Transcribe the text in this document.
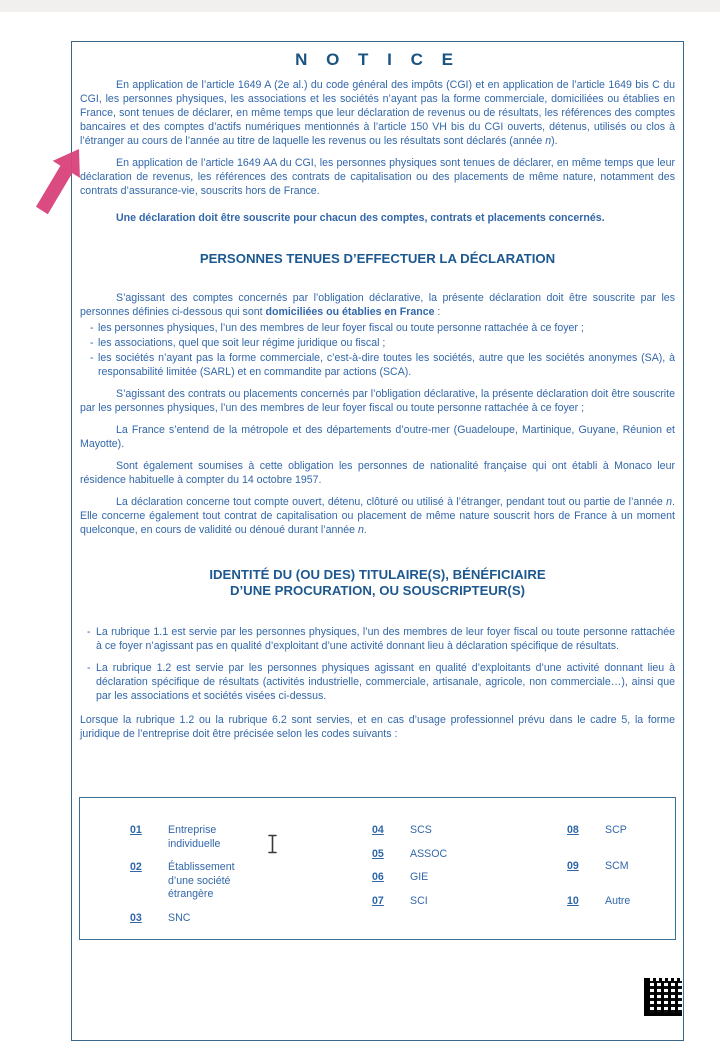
N O T I C E

En application de l’article 1649 A (2e al.) du code général des impôts (CGI) et en application de l’article 1649 bis C du CGI, les personnes physiques, les associations et les sociétés n’ayant pas la forme commerciale, domiciliées ou établies en France, sont tenues de déclarer, en même temps que leur déclaration de revenus ou de résultats, les références des comptes bancaires et des comptes d’actifs numériques mentionnés à l’article 150 VH bis du CGI ouverts, détenus, utilisés ou clos à l’étranger au cours de l’année au titre de laquelle les revenus ou les résultats sont déclarés (année n).

En application de l’article 1649 AA du CGI, les personnes physiques sont tenues de déclarer, en même temps que leur déclaration de revenus, les références des contrats de capitalisation ou des placements de même nature, notamment des contrats d’assurance-vie, souscrits hors de France.

Une déclaration doit être souscrite pour chacun des comptes, contrats et placements concernés.

PERSONNES TENUES D’EFFECTUER LA DÉCLARATION

S’agissant des comptes concernés par l’obligation déclarative, la présente déclaration doit être souscrite par les personnes définies ci-dessous qui sont domiciliées ou établies en France :

- les personnes physiques, l’un des membres de leur foyer fiscal ou toute personne rattachée à ce foyer ;
- les associations, quel que soit leur régime juridique ou fiscal ;
- les sociétés n’ayant pas la forme commerciale, c’est-à-dire toutes les sociétés, autre que les sociétés anonymes (SA), à responsabilité limitée (SARL) et en commandite par actions (SCA).

S’agissant des contrats ou placements concernés par l’obligation déclarative, la présente déclaration doit être souscrite par les personnes physiques, l’un des membres de leur foyer fiscal ou toute personne rattachée à ce foyer ;

La France s’entend de la métropole et des départements d’outre-mer (Guadeloupe, Martinique, Guyane, Réunion et Mayotte).

Sont également soumises à cette obligation les personnes de nationalité française qui ont établi à Monaco leur résidence habituelle à compter du 14 octobre 1957.

La déclaration concerne tout compte ouvert, détenu, clôturé ou utilisé à l’étranger, pendant tout ou partie de l’année n. Elle concerne également tout contrat de capitalisation ou placement de même nature souscrit hors de France à un moment quelconque, en cours de validité ou dénoué durant l’année n.

IDENTITÉ DU (OU DES) TITULAIRE(S), BÉNÉFICIAIRE
D’UNE PROCURATION, OU SOUSCRIPTEUR(S)
- La rubrique 1.1 est servie par les personnes physiques, l’un des membres de leur foyer fiscal ou toute personne rattachée à ce foyer n’agissant pas en qualité d’exploitant d’une activité donnant lieu à déclaration spécifique de résultats.
- La rubrique 1.2 est servie par les personnes physiques agissant en qualité d’exploitants d’une activité donnant lieu à déclaration spécifique de résultats (activités industrielle, commerciale, artisanale, agricole, non commerciale…), ainsi que par les associations et sociétés visées ci-dessus.

Lorsque la rubrique 1.2 ou la rubrique 6.2 sont servies, et en cas d’usage professionnel prévu dans le cadre 5, la forme juridique de l’entreprise doit être précisée selon les codes suivants :

01	Entreprise individuelle
02	Établissement d’une société étrangère
03	SNC
04	SCS
05	ASSOC
06	GIE
07	SCI
08	SCP
09	SCM
10	Autre
